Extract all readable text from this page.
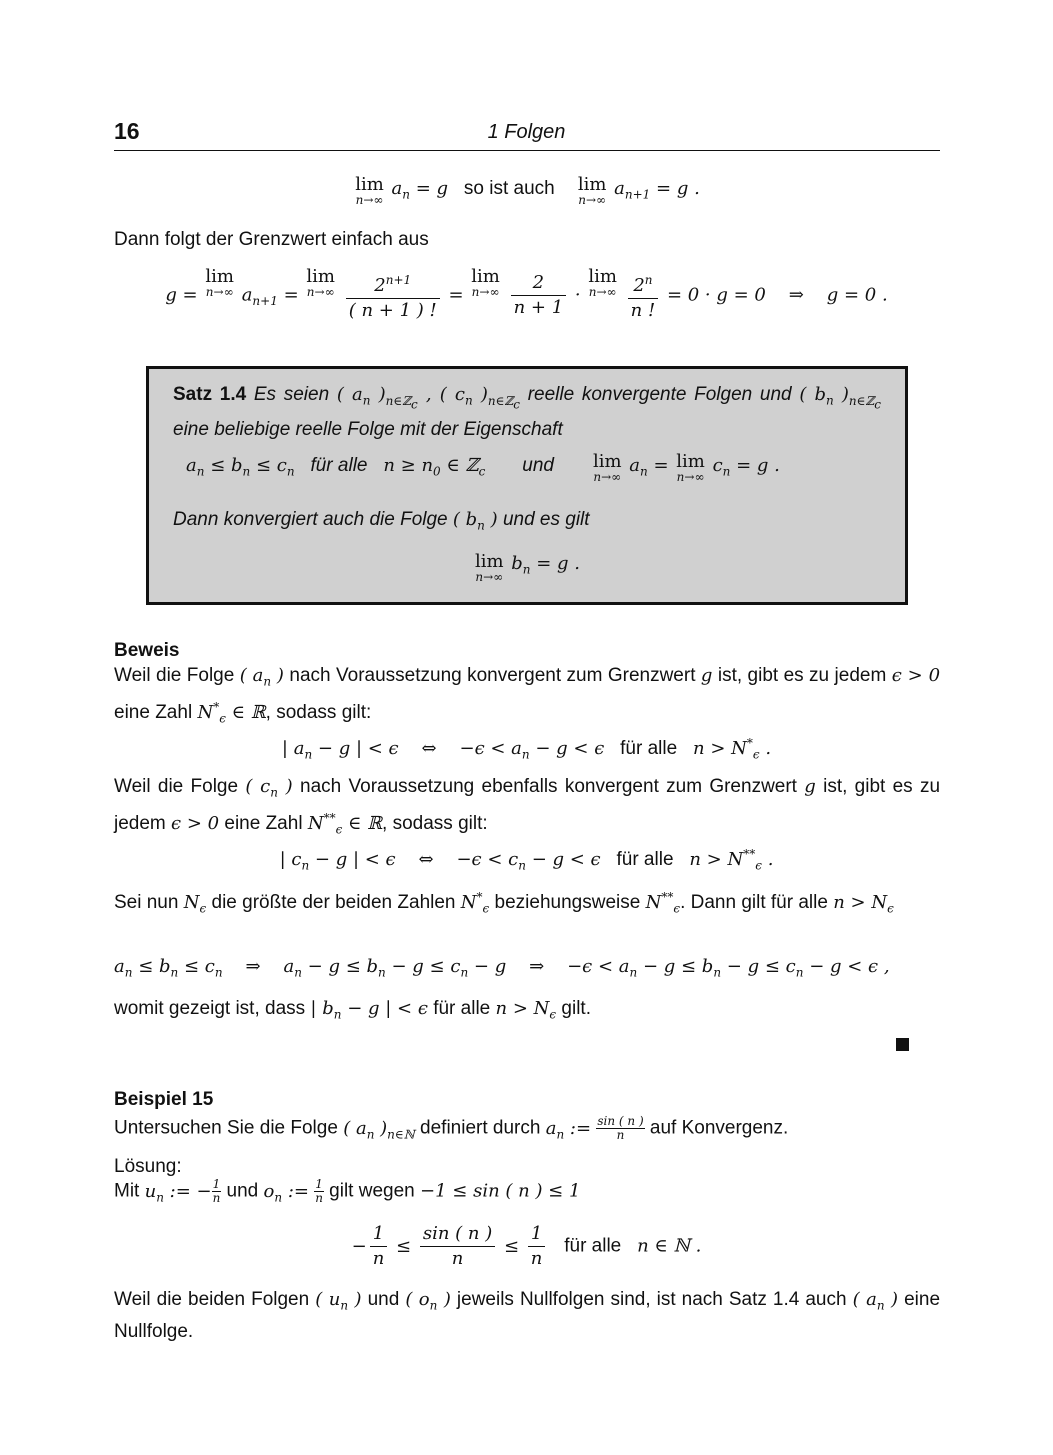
16	1 Folgen
lim
n→∞
$a_n = g$ so ist auch lim
n→∞
$a_{n+1} = g$ .
Dann folgt der Grenzwert einfach aus
g =
lim
n→∞ $a_{n+1}$ =
lim
n→∞
$\frac{2^{n+1}}{( n + 1 ) !}$ =
lim
n→∞
$\frac{2}{n + 1}$ ·
lim
n→∞
$\frac{2^n}{n !} = 0 \cdot g = 0$    ⇒    g = 0 .
Satz 1.4 Es seien ( $a_n$ )$_{n\in ℤ_c}$ , ( $c_n$ )$_{n\in ℤ_c}$ reelle konvergente Folgen und ( $b_n$ )$_{n\in ℤ_c}$ eine beliebige reelle Folge mit der Eigenschaft
$a_n \le b_n \le c_n$ für alle $n \ge n_0$ ∈ ℤ$_c$ und lim
n→∞
$a_n = \lim$
n→∞
$c_n = g$ .
Dann konvergiert auch die Folge ( $b_n$ ) und es gilt
lim
n→∞
$b_n = g$ .
Beweis
Weil die Folge ( $a_n$ ) nach Voraussetzung konvergent zum Grenzwert g ist, gibt es zu jedem ϵ > 0 eine Zahl $N^*_\epsilon$ ∈ ℝ, sodass gilt:
| $a_n - g$ | < ϵ    ⇔    $-\epsilon < a_n - g < \epsilon$ für alle $n > N^*_\epsilon$ .
Weil die Folge ( $c_n$ ) nach Voraussetzung ebenfalls konvergent zum Grenzwert g ist, gibt es zu jedem ϵ > 0 eine Zahl $N^{**}_\epsilon$ ∈ ℝ, sodass gilt:
| $c_n - g$ | < ϵ    ⇔    $-\epsilon < c_n - g < \epsilon$ für alle $n > N^{**}_\epsilon$ .
Sei nun $N_\epsilon$ die größte der beiden Zahlen $N^*_\epsilon$ beziehungsweise $N^{**}_\epsilon$. Dann gilt für alle $n > N_\epsilon$
$a_n \le b_n \le c_n$    ⇒    $a_n - g \le b_n - g \le c_n - g$    ⇒    $-\epsilon < a_n - g \le b_n - g \le c_n - g < \epsilon$ ,
womit gezeigt ist, dass | $b_n - g$ | < ϵ für alle $n > N_\epsilon$ gilt.
Beispiel 15
Untersuchen Sie die Folge ( $a_n$ )$_{n\in ℕ}$ definiert durch $a_n$ := $\frac{\sin ( n )}{n}$ auf Konvergenz.
Lösung:
Mit $u_n$ := − $\frac{1}{n}$ und $o_n$ := $\frac{1}{n}$ gilt wegen −1 ≤ sin ( n ) ≤ 1
− $\frac{1}{n} \le \frac{\sin ( n )}{n} \le \frac{1}{n}$ für alle n ∈ ℕ .
Weil die beiden Folgen ( $u_n$ ) und ( $o_n$ ) jeweils Nullfolgen sind, ist nach Satz 1.4 auch ( $a_n$ ) eine Nullfolge.
